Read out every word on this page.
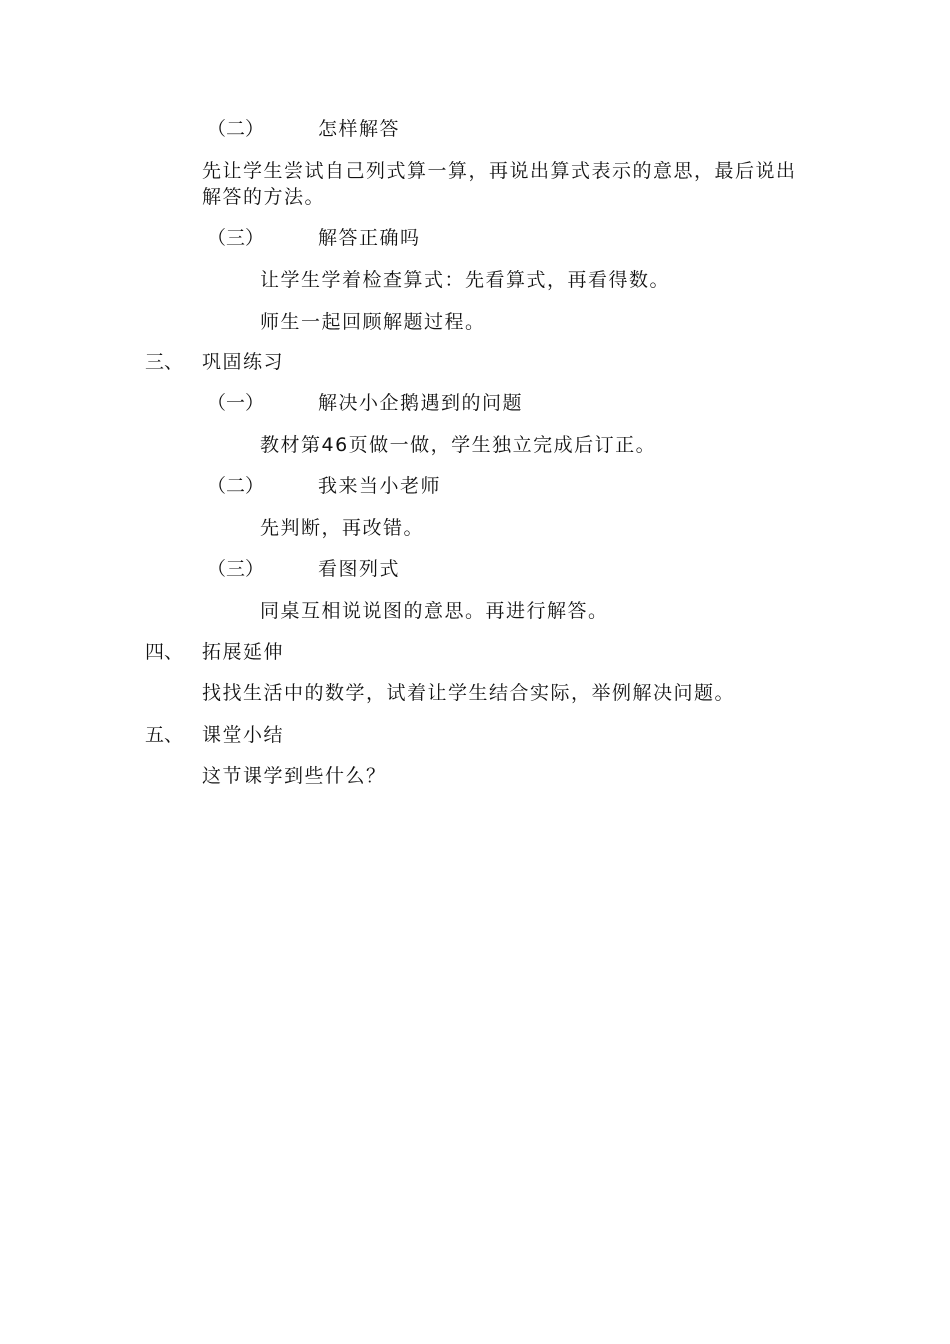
（二）	怎样解答
先让学生尝试自己列式算一算，再说出算式表示的意思，最后说出解答的方法。
（三）	解答正确吗
让学生学着检查算式：先看算式，再看得数。
师生一起回顾解题过程。
三、 巩固练习
（一）	解决小企鹅遇到的问题
教材第46页做一做，学生独立完成后订正。
（二）	我来当小老师
先判断，再改错。
（三）	看图列式
同桌互相说说图的意思。再进行解答。
四、 拓展延伸
找找生活中的数学，试着让学生结合实际，举例解决问题。
五、 课堂小结
这节课学到些什么？
